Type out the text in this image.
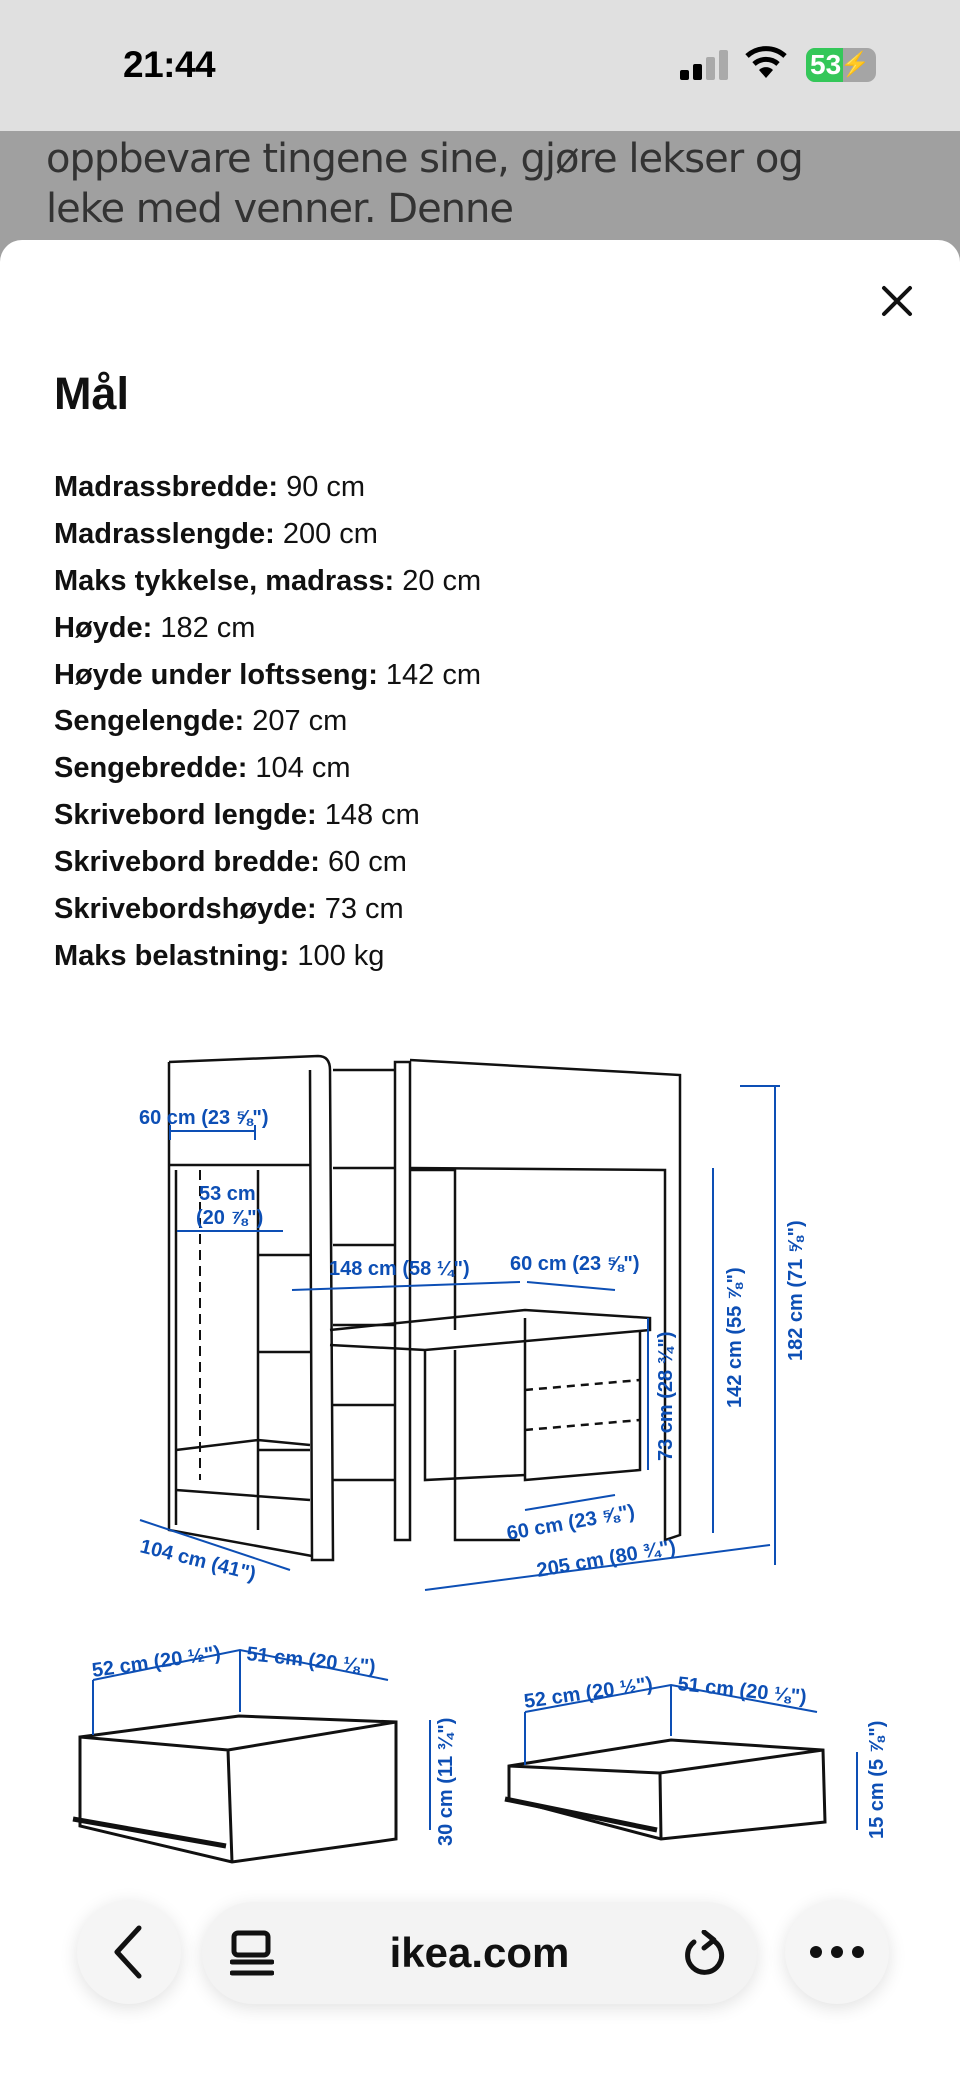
21:44	53
⚡
oppbevare tingene sine, gjøre lekser og
leke med venner. Denne
Mål
Madrassbredde: 90 cm
Madrasslengde: 200 cm
Maks tykkelse, madrass: 20 cm
Høyde: 182 cm
Høyde under loftsseng: 142 cm
Sengelengde: 207 cm
Sengebredde: 104 cm
Skrivebord lengde: 148 cm
Skrivebord bredde: 60 cm
Skrivebordshøyde: 73 cm
Maks belastning: 100 kg
60 cm (23 ⅝")
53 cm
(20 ⅞")
148 cm (58 ¼") 60 cm (23 ⅝")
73 cm (28 ¾") 142 cm (55 ⅞") 182 cm (71 ⅝")
60 cm (23 ⅝")
205 cm (80 ¾")
104 cm (41")
52 cm (20 ½") 51 cm (20 ⅛")
30 cm (11 ¾")
52 cm (20 ½") 51 cm (20 ⅛")
15 cm (5 ⅞")
ikea.com
